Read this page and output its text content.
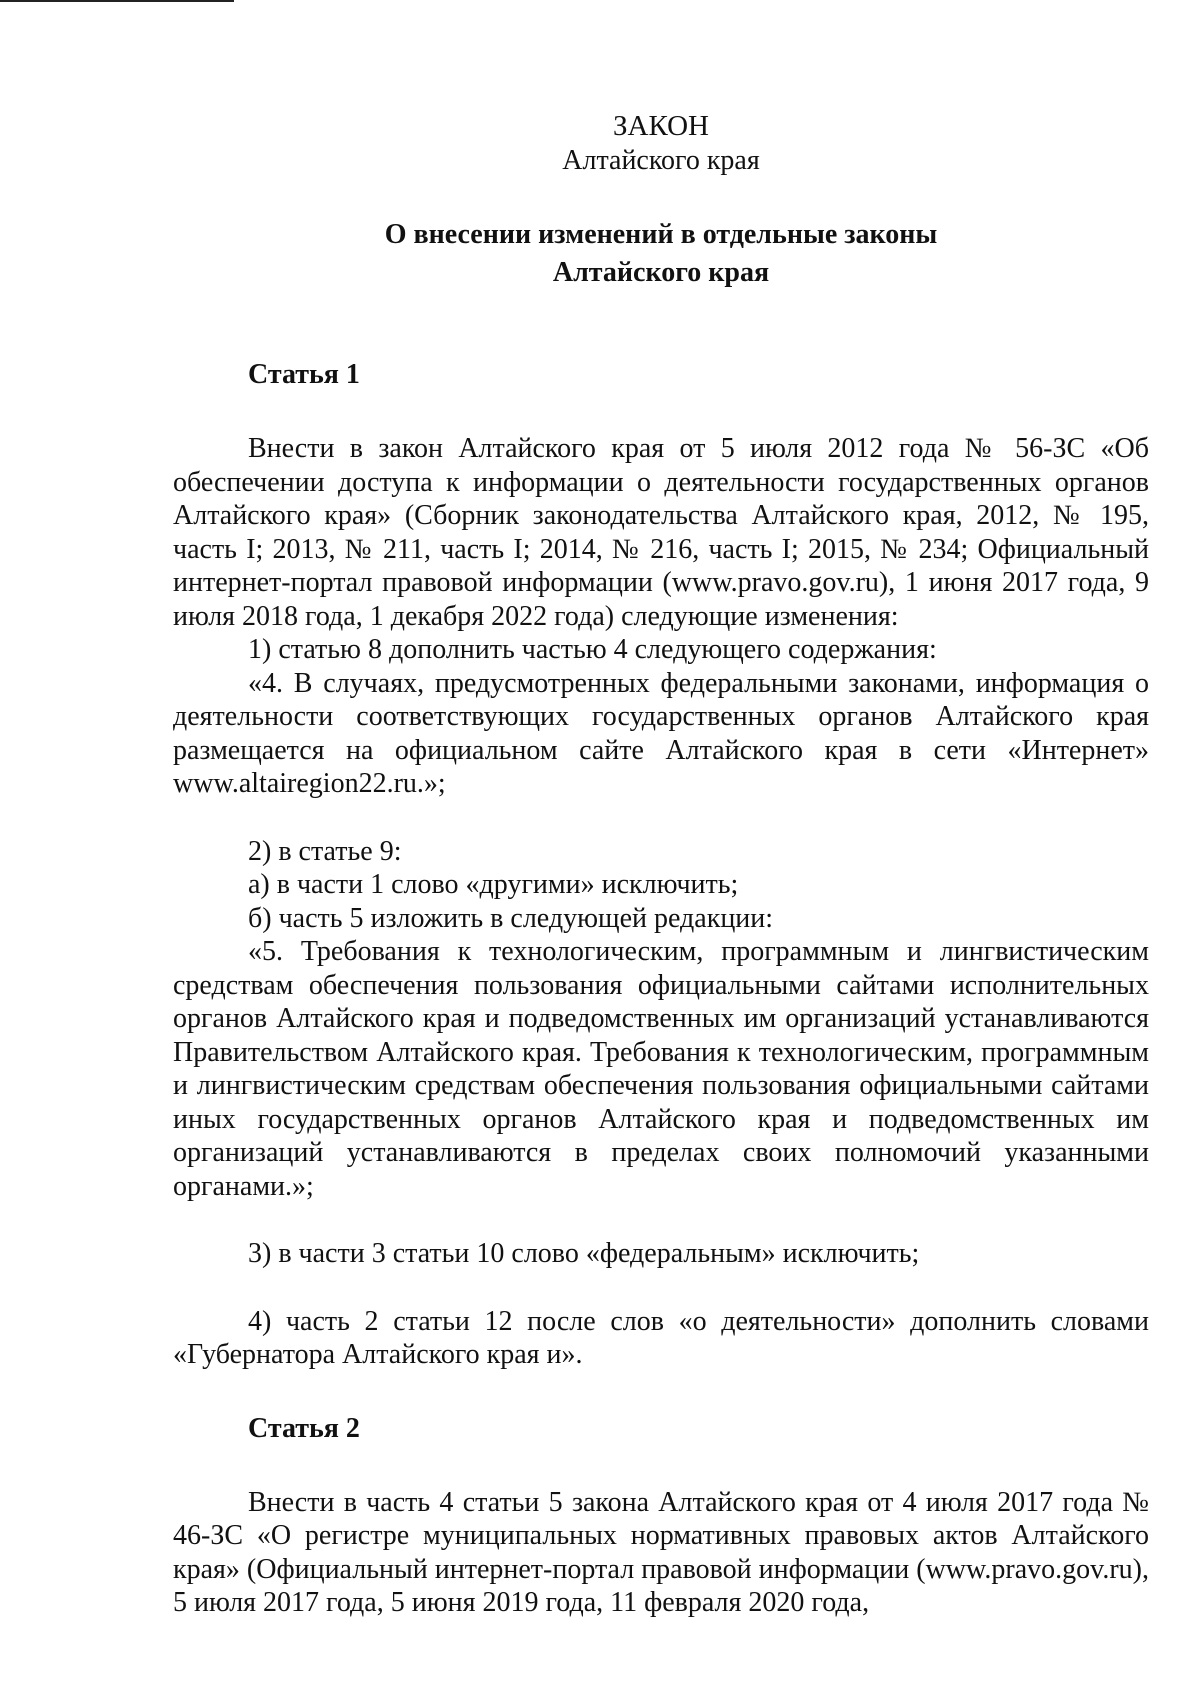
ЗАКОН
Алтайского края
О внесении изменений в отдельные законы
Алтайского края
Статья 1

Внести в закон Алтайского края от 5 июля 2012 года № 56-ЗС «Об обеспечении доступа к информации о деятельности государственных органов Алтайского края» (Сборник законодательства Алтайского края, 2012, № 195, часть I; 2013, № 211, часть I; 2014, № 216, часть I; 2015, № 234; Официальный интернет-портал правовой информации (www.pravo.gov.ru), 1 июня 2017 года, 9 июля 2018 года, 1 декабря 2022 года) следующие изменения:

1) статью 8 дополнить частью 4 следующего содержания:

«4. В случаях, предусмотренных федеральными законами, информация о деятельности соответствующих государственных органов Алтайского края размещается на официальном сайте Алтайского края в сети «Интернет» www.altairegion22.ru.»;

2) в статье 9:

а) в части 1 слово «другими» исключить;

б) часть 5 изложить в следующей редакции:

«5. Требования к технологическим, программным и лингвистическим средствам обеспечения пользования официальными сайтами исполнительных органов Алтайского края и подведомственных им организаций устанавливаются Правительством Алтайского края. Требования к технологическим, программным и лингвистическим средствам обеспечения пользования официальными сайтами иных государственных органов Алтайского края и подведомственных им организаций устанавливаются в пределах своих полномочий указанными органами.»;

3) в части 3 статьи 10 слово «федеральным» исключить;

4) часть 2 статьи 12 после слов «о деятельности» дополнить словами «Губернатора Алтайского края и».

Статья 2

Внести в часть 4 статьи 5 закона Алтайского края от 4 июля 2017 года № 46-ЗС «О регистре муниципальных нормативных правовых актов Алтайского края» (Официальный интернет-портал правовой информации (www.pravo.gov.ru), 5 июля 2017 года, 5 июня 2019 года, 11 февраля 2020 года,
